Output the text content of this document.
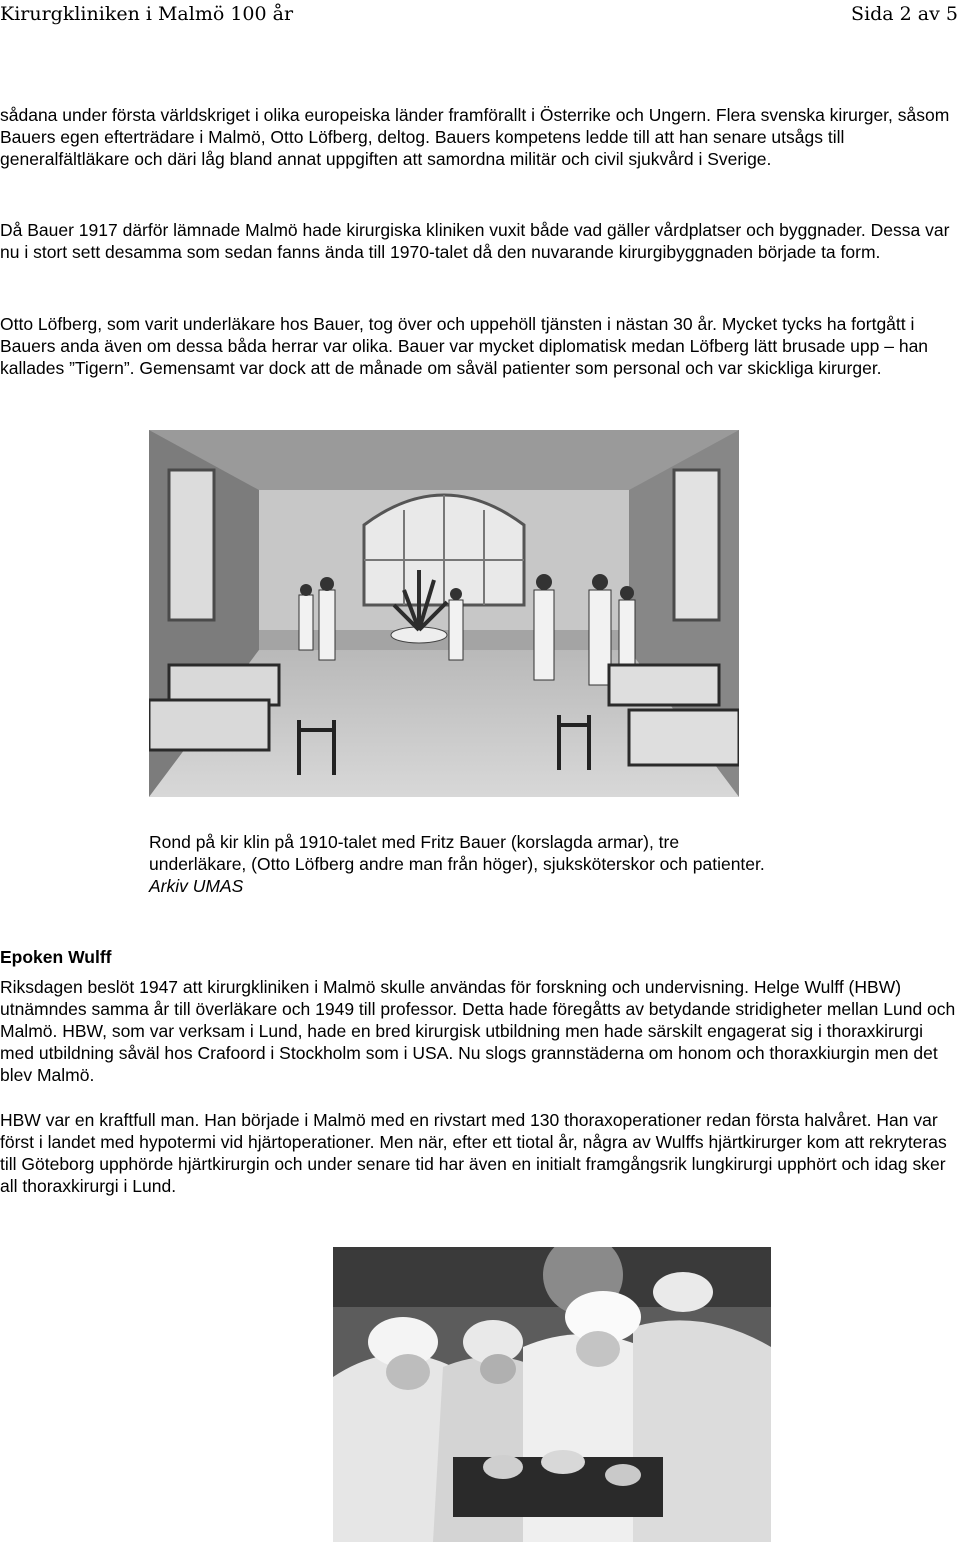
Kirurgkliniken i Malmö 100 år	Sida 2 av 5

sådana under första världskriget i olika europeiska länder framförallt i Österrike och Ungern. Flera svenska kirurger, såsom Bauers egen efterträdare i Malmö, Otto Löfberg, deltog. Bauers kompetens ledde till att han senare utsågs till generalfältläkare och däri låg bland annat uppgiften att samordna militär och civil sjukvård i Sverige.

Då Bauer 1917 därför lämnade Malmö hade kirurgiska kliniken vuxit både vad gäller vårdplatser och byggnader. Dessa var nu i stort sett desamma som sedan fanns ända till 1970-talet då den nuvarande kirurgibyggnaden började ta form.

Otto Löfberg, som varit underläkare hos Bauer, tog över och uppehöll tjänsten i nästan 30 år. Mycket tycks ha fortgått i Bauers anda även om dessa båda herrar var olika. Bauer var mycket diplomatisk medan Löfberg lätt brusade upp – han kallades ”Tigern”. Gemensamt var dock att de månade om såväl patienter som personal och var skickliga kirurger.

Rond på kir klin på 1910-talet med Fritz Bauer (korslagda armar), tre underläkare, (Otto Löfberg andre man från höger), sjuksköterskor och patienter.
Arkiv UMAS
Epoken Wulff

Riksdagen beslöt 1947 att kirurgkliniken i Malmö skulle användas för forskning och undervisning. Helge Wulff (HBW) utnämndes samma år till överläkare och 1949 till professor. Detta hade föregåtts av betydande stridigheter mellan Lund och Malmö. HBW, som var verksam i Lund, hade en bred kirurgisk utbildning men hade särskilt engagerat sig i thoraxkirurgi med utbildning såväl hos Crafoord i Stockholm som i USA. Nu slogs grannstäderna om honom och thoraxkiurgin men det blev Malmö.

HBW var en kraftfull man. Han började i Malmö med en rivstart med 130 thoraxoperationer redan första halvåret. Han var först i landet med hypotermi vid hjärtoperationer. Men när, efter ett tiotal år, några av Wulffs hjärtkirurger kom att rekryteras till Göteborg upphörde hjärtkirurgin och under senare tid har även en initialt framgångsrik lungkirurgi upphört och idag sker all thoraxkirurgi i Lund.
